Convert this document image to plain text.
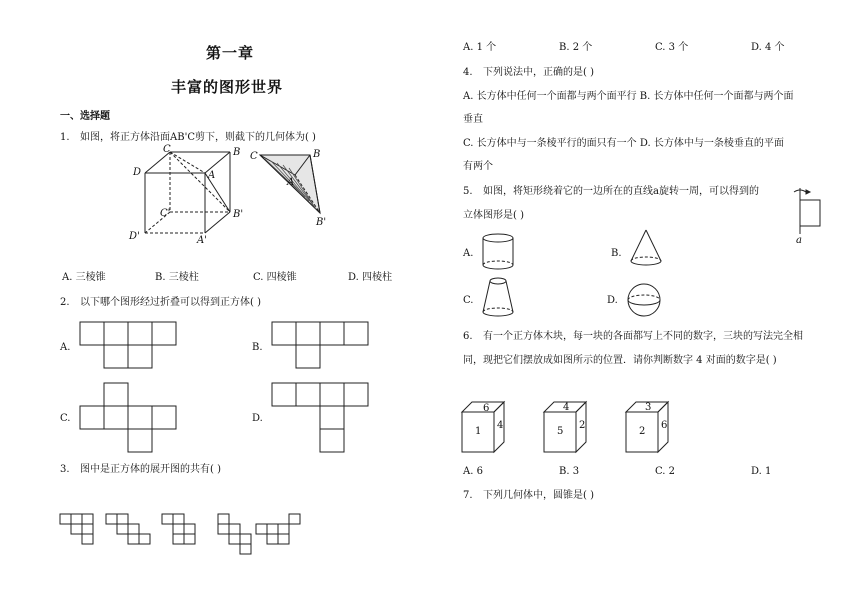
第一章
丰富的图形世界
一、选择题
1. 如图，将正方体沿面AB'C剪下，则截下的几何体为( )
C	B
D	A
C'	B'
D'	A'
C	B
A
B'
A. 三棱锥	B. 三棱柱	C. 四棱锥	D. 四棱柱
2. 以下哪个图形经过折叠可以得到正方体( )
A.	B.
C.	D.
3. 图中是正方体的展开图的共有( )
A. 1 个	B. 2 个	C. 3 个	D. 4 个
4. 下列说法中，正确的是( )
A. 长方体中任何一个面都与两个面平行 B. 长方体中任何一个面都与两个面
垂直
C. 长方体中与一条棱平行的面只有一个 D. 长方体中与一条棱垂直的平面
有两个
5. 如图，将矩形绕着它的一边所在的直线a旋转一周，可以得到的
立体图形是( )
a
A.	B.
C.	D.
6. 有一个正方体木块，每一块的各面都写上不同的数字，三块的写法完全相
同，现把它们摆放成如图所示的位置．请你判断数字 4 对面的数字是( )
6
1
4
4
5
2
3
2
6
A. 6	B. 3	C. 2	D. 1
7. 下列几何体中，圆锥是( )
